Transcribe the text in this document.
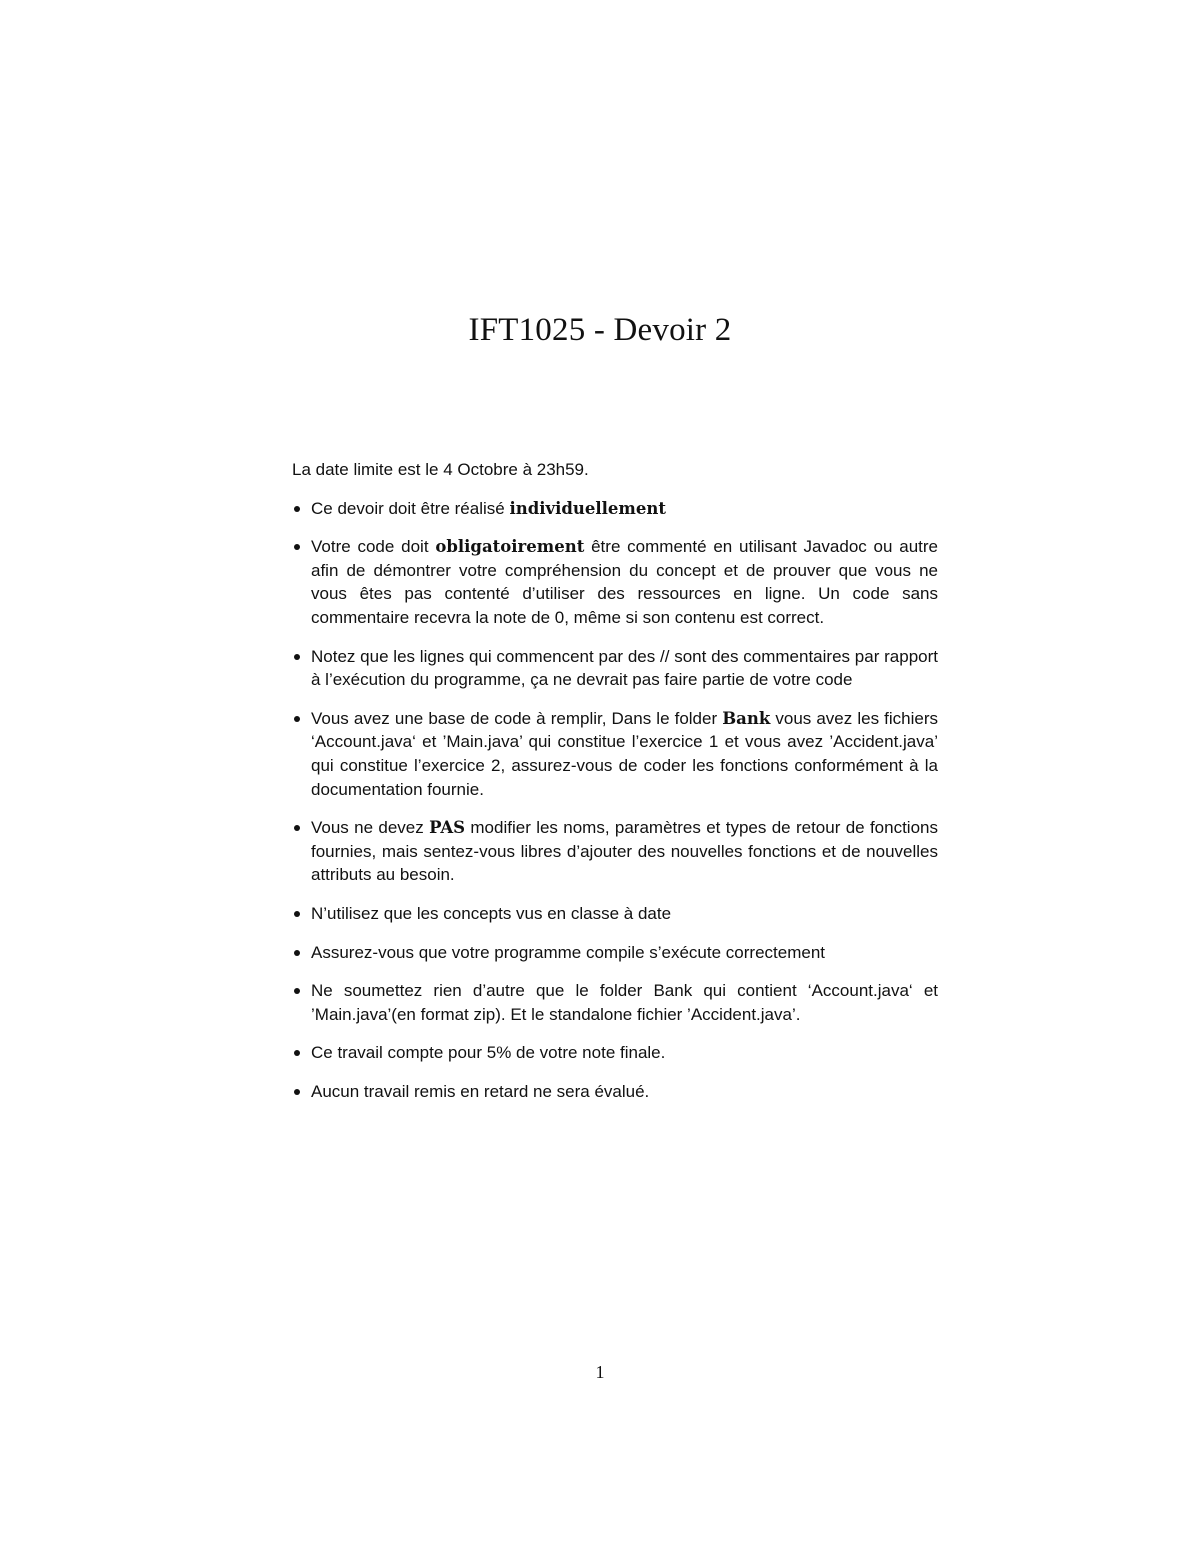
IFT1025 - Devoir 2

La date limite est le 4 Octobre à 23h59.

Ce devoir doit être réalisé individuellement
Votre code doit obligatoirement être commenté en utilisant Javadoc ou autre afin de démontrer votre compréhension du concept et de prouver que vous ne vous êtes pas contenté d’utiliser des ressources en ligne. Un code sans commentaire recevra la note de 0, même si son contenu est correct.
Notez que les lignes qui commencent par des // sont des commentaires par rapport à l’exécution du programme, ça ne devrait pas faire partie de votre code
Vous avez une base de code à remplir, Dans le folder Bank vous avez les fichiers ‘Account.java‘ et ’Main.java’ qui constitue l’exercice 1 et vous avez ’Accident.java’ qui constitue l’exercice 2, assurez-vous de coder les fonctions conformément à la documentation fournie.
Vous ne devez PAS modifier les noms, paramètres et types de retour de fonctions fournies, mais sentez-vous libres d’ajouter des nouvelles fonctions et de nouvelles attributs au besoin.
N’utilisez que les concepts vus en classe à date
Assurez-vous que votre programme compile s’exécute correctement
Ne soumettez rien d’autre que le folder Bank qui contient ‘Account.java‘ et ’Main.java’(en format zip). Et le standalone fichier ’Accident.java’.
Ce travail compte pour 5% de votre note finale.
Aucun travail remis en retard ne sera évalué.
1
